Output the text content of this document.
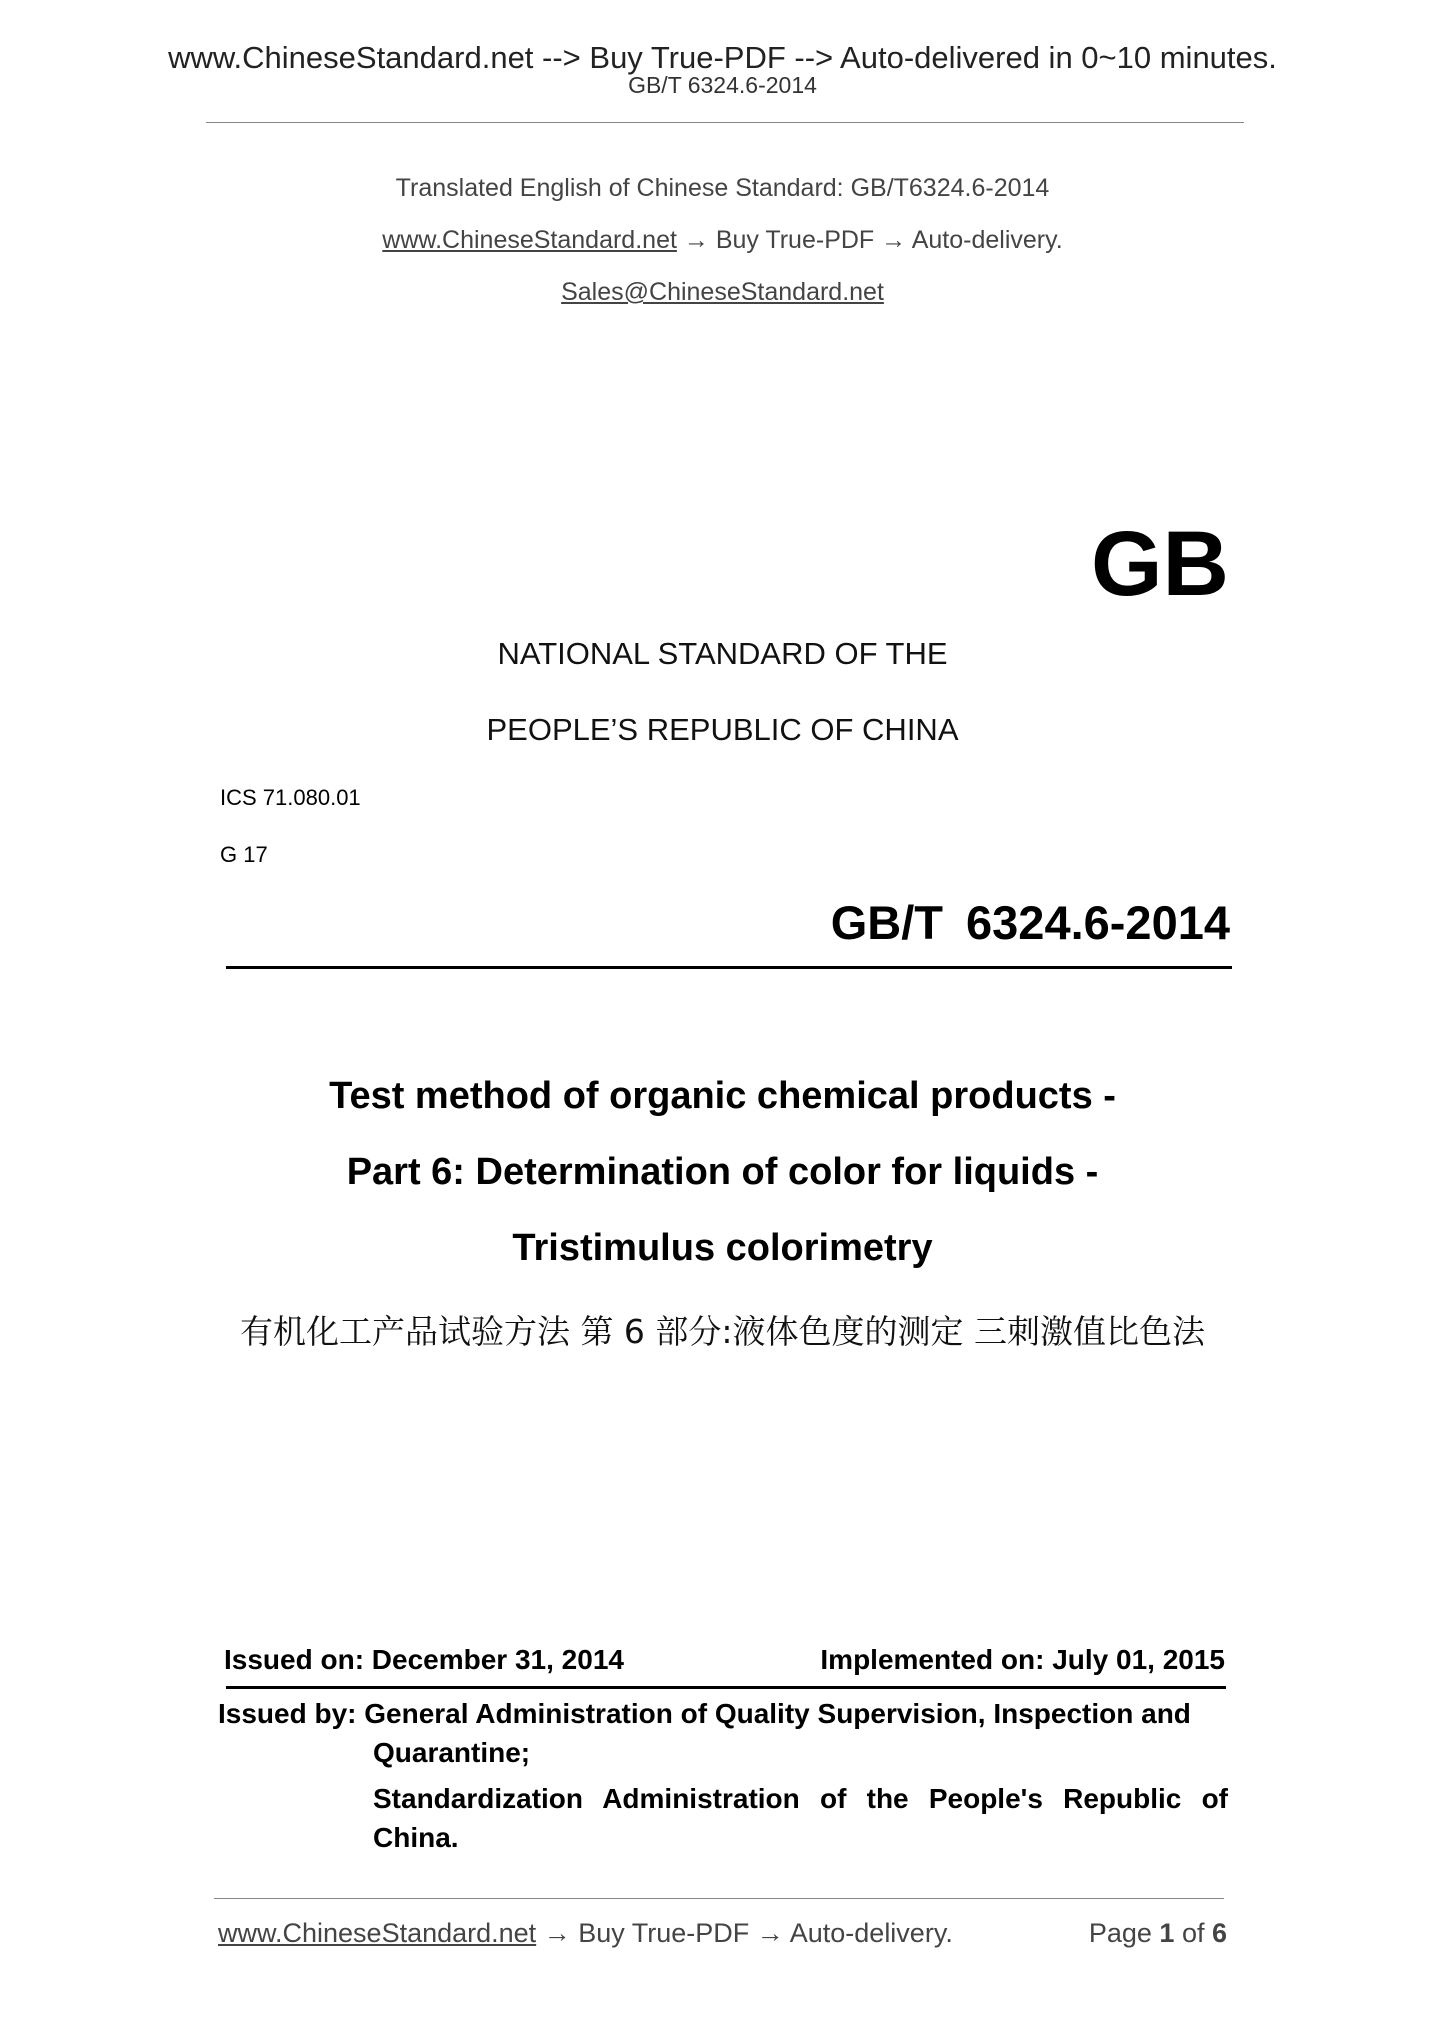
www.ChineseStandard.net --> Buy True-PDF --> Auto-delivered in 0~10 minutes.
GB/T 6324.6-2014
Translated English of Chinese Standard: GB/T6324.6-2014
www.ChineseStandard.net → Buy True-PDF → Auto-delivery.
Sales@ChineseStandard.net
GB
NATIONAL STANDARD OF THE
PEOPLE’S REPUBLIC OF CHINA
ICS 71.080.01
G 17
GB/T 6324.6-2014
Test method of organic chemical products -
Part 6: Determination of color for liquids -
Tristimulus colorimetry
有机化工产品试验方法 第 6 部分:液体色度的测定 三刺激值比色法
Issued on: December 31, 2014	Implemented on: July 01, 2015
Issued by: General Administration of Quality Supervision, Inspection and
Quarantine;
Standardization Administration of the People's Republic of
China.
www.ChineseStandard.net → Buy True-PDF → Auto-delivery.	Page 1 of 6
